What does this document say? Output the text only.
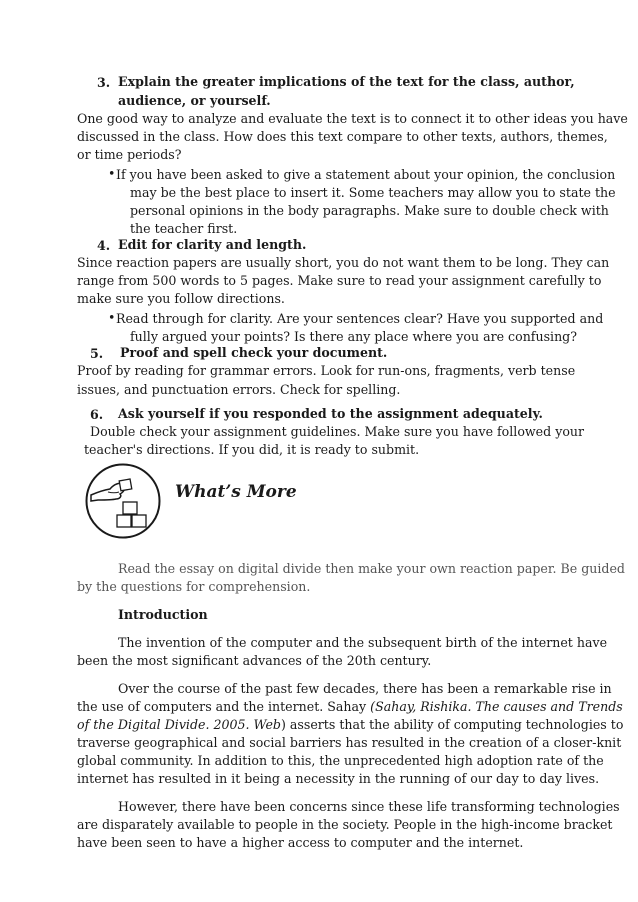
3. Explain the greater implications of the text for the class, author,
audience, or yourself.
One good way to analyze and evaluate the text is to connect it to other ideas you have
discussed in the class. How does this text compare to other texts, authors, themes,
or time periods?
• If you have been asked to give a statement about your opinion, the conclusion
may be the best place to insert it. Some teachers may allow you to state the
personal opinions in the body paragraphs. Make sure to double check with
the teacher first.
4. Edit for clarity and length.
Since reaction papers are usually short, you do not want them to be long. They can
range from 500 words to 5 pages. Make sure to read your assignment carefully to
make sure you follow directions.
• Read through for clarity. Are your sentences clear? Have you supported and
fully argued your points? Is there any place where you are confusing?
5. Proof and spell check your document.
Proof by reading for grammar errors. Look for run-ons, fragments, verb tense
issues, and punctuation errors. Check for spelling.
6. Ask yourself if you responded to the assignment adequately.
Double check your assignment guidelines. Make sure you have followed your
teacher's directions. If you did, it is ready to submit.
What’s More
Read the essay on digital divide then make your own reaction paper. Be guided
by the questions for comprehension.
Introduction
The invention of the computer and the subsequent birth of the internet have
been the most significant advances of the 20th century.
Over the course of the past few decades, there has been a remarkable rise in
the use of computers and the internet. Sahay (Sahay, Rishika. The causes and Trends
of the Digital Divide. 2005. Web) asserts that the ability of computing technologies to
traverse geographical and social barriers has resulted in the creation of a closer-knit
global community. In addition to this, the unprecedented high adoption rate of the
internet has resulted in it being a necessity in the running of our day to day lives.
However, there have been concerns since these life transforming technologies
are disparately available to people in the society. People in the high-income bracket
have been seen to have a higher access to computer and the internet.
